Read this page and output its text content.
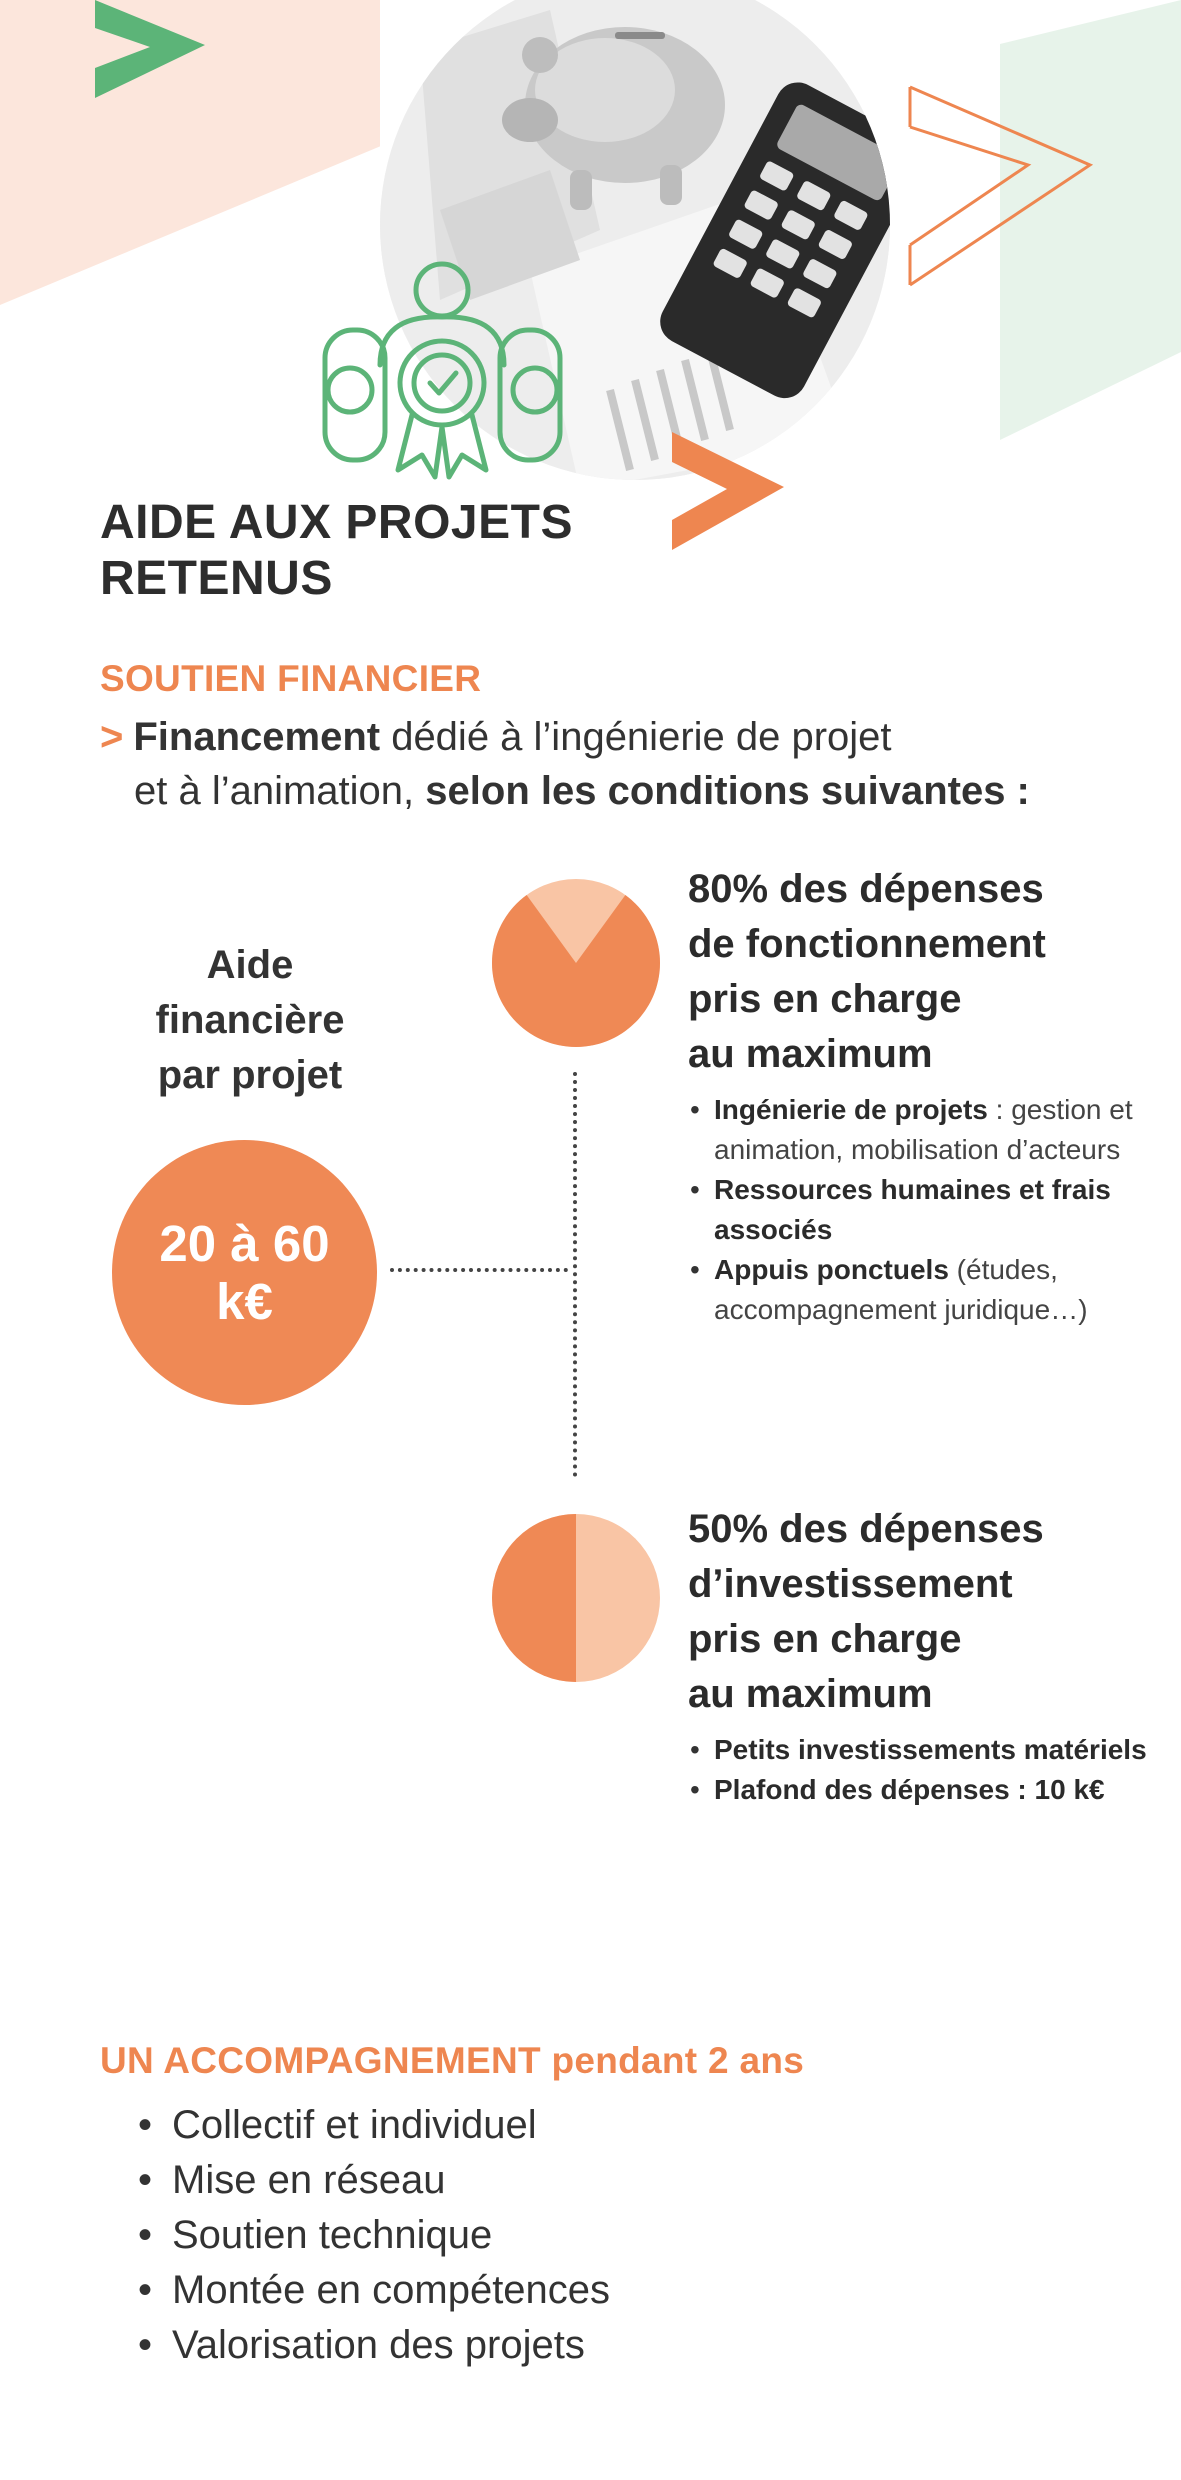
AIDE AUX PROJETS
RETENUS
SOUTIEN FINANCIER
> Financement dédié à l’ingénierie de projet
et à l’animation, selon les conditions suivantes :
Aide
financière
par projet
20 à 60
k€
80% des dépenses
de fonctionnement
pris en charge
au maximum
• Ingénierie de projets : gestion et animation, mobilisation d’acteurs
• Ressources humaines et frais associés
• Appuis ponctuels (études, accompagnement juridique…)
50% des dépenses
d’investissement
pris en charge
au maximum
• Petits investissements matériels
• Plafond des dépenses : 10 k€
UN ACCOMPAGNEMENT pendant 2 ans
• Collectif et individuel
• Mise en réseau
• Soutien technique
• Montée en compétences
• Valorisation des projets
